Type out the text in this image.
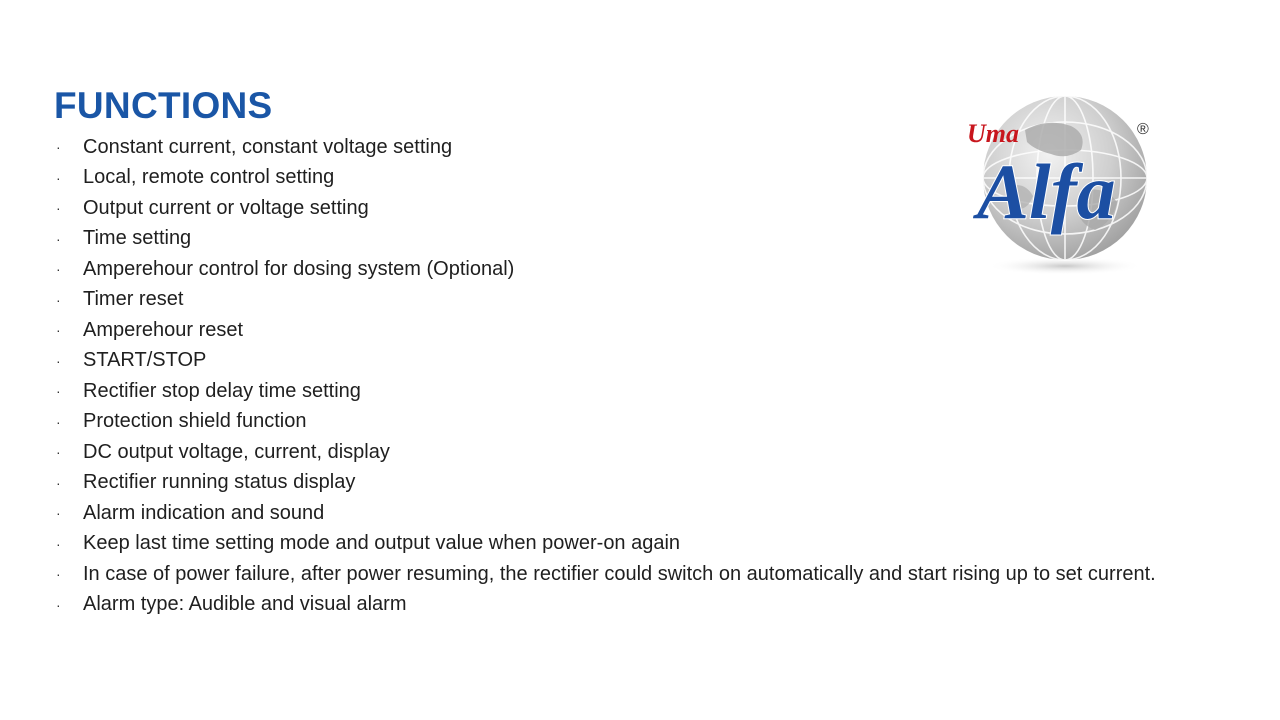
FUNCTIONS
·	Constant current, constant voltage setting
·	Local, remote control setting
·	Output current or voltage setting
·	Time setting
·	Amperehour control for dosing system (Optional)
·	Timer reset
·	Amperehour reset
·	START/STOP
·	Rectifier stop delay time setting
·	Protection shield function
·	DC output voltage, current, display
·	Rectifier running status display
·	Alarm indication and sound
·	Keep last time setting mode and output value when power-on again
·	In case of power failure, after power resuming, the rectifier could switch on automatically and start rising up to set current.
·	Alarm type: Audible and visual alarm
Uma
Alfa
®
